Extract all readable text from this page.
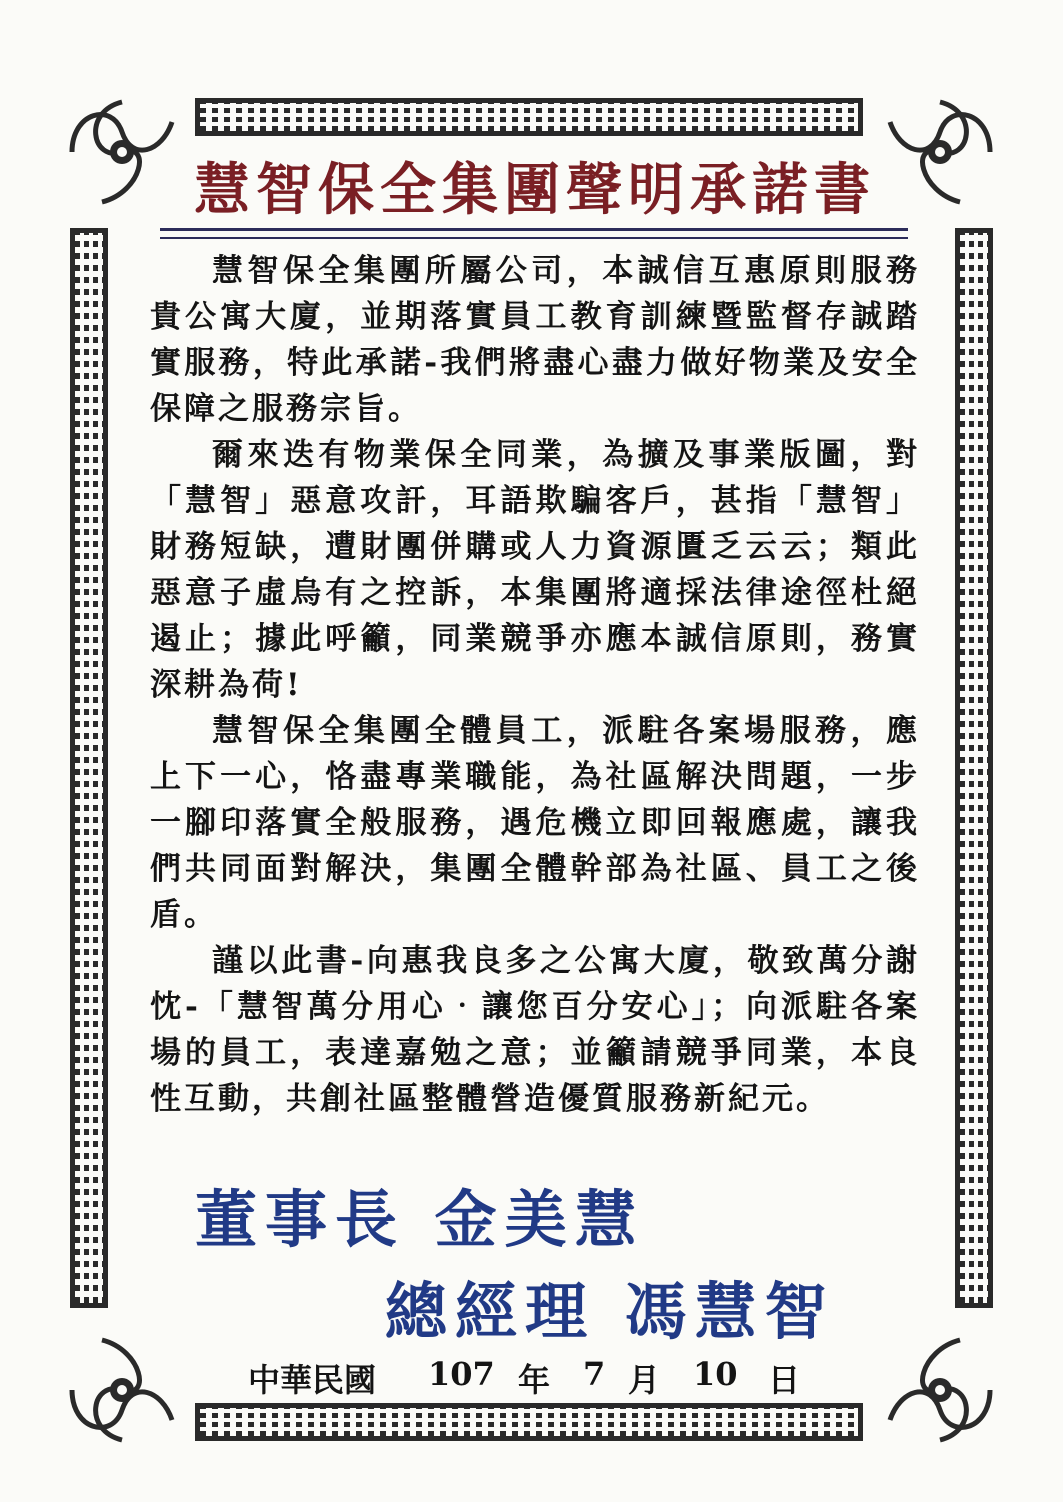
慧智保全集團聲明承諾書

慧智保全集團所屬公司，本誠信互惠原則服務 貴公寓大廈，並期落實員工教育訓練暨監督存誠踏實服務，特此承諾-我們將盡心盡力做好物業及安全保障之服務宗旨。

爾來迭有物業保全同業，為擴及事業版圖，對「慧智」惡意攻訐，耳語欺騙客戶，甚指「慧智」財務短缺，遭財團併購或人力資源匱乏云云；類此惡意子虛烏有之控訴，本集團將適採法律途徑杜絕遏止；據此呼籲，同業競爭亦應本誠信原則，務實深耕為荷!

慧智保全集團全體員工，派駐各案場服務，應上下一心，恪盡專業職能，為社區解決問題，一步一腳印落實全般服務，遇危機立即回報應處，讓我們共同面對解決，集團全體幹部為社區、員工之後盾。

謹以此書-向惠我良多之公寓大廈，敬致萬分謝忱-「慧智萬分用心‧讓您百分安心」；向派駐各案場的員工，表達嘉勉之意；並籲請競爭同業，本良性互動，共創社區整體營造優質服務新紀元。

董事長 金美慧
總經理 馮慧智
中華民國	107 年	7 月	10 日
